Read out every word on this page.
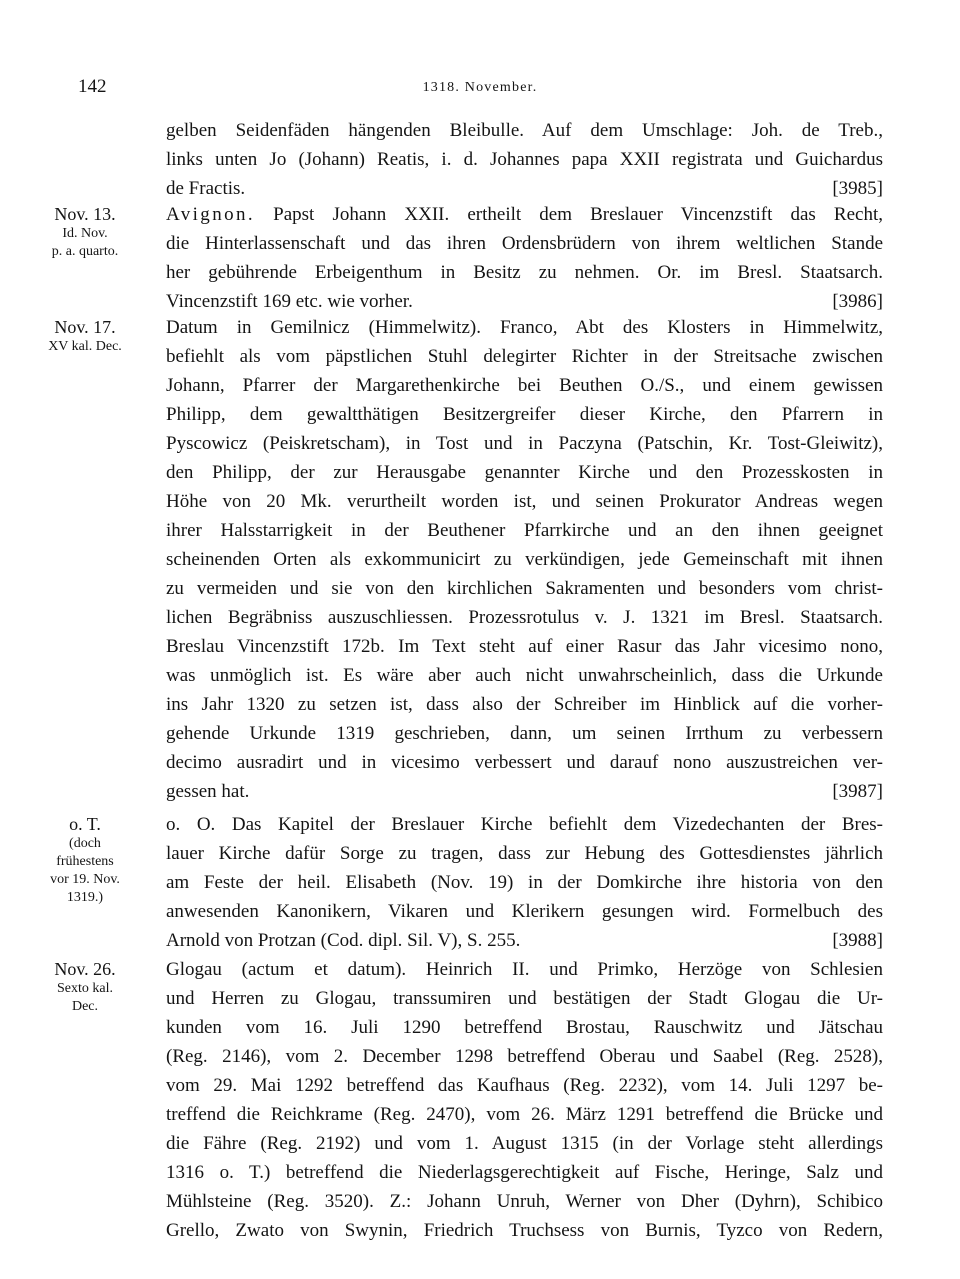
142	1318. November.
gelben Seidenfäden hängenden Bleibulle. Auf dem Umschlage: Joh. de Treb.,
links unten Jo (Johann) Reatis, i. d. Johannes papa XXII registrata und Guichardus
de Fractis.	[3985]
Nov. 13.
Id. Nov.
p. a. quarto.
Avignon. Papst Johann XXII. ertheilt dem Breslauer Vincenzstift das Recht,
die Hinterlassenschaft und das ihren Ordensbrüdern von ihrem weltlichen Stande
her gebührende Erbeigenthum in Besitz zu nehmen. Or. im Bresl. Staatsarch.
Vincenzstift 169 etc. wie vorher.	[3986]
Nov. 17.
XV kal. Dec.
Datum in Gemilnicz (Himmelwitz). Franco, Abt des Klosters in Himmelwitz,
befiehlt als vom päpstlichen Stuhl delegirter Richter in der Streitsache zwischen
Johann, Pfarrer der Margarethenkirche bei Beuthen O./S., und einem gewissen
Philipp, dem gewaltthätigen Besitzergreifer dieser Kirche, den Pfarrern in
Pyscowicz (Peiskretscham), in Tost und in Paczyna (Patschin, Kr. Tost-Gleiwitz),
den Philipp, der zur Herausgabe genannter Kirche und den Prozesskosten in
Höhe von 20 Mk. verurtheilt worden ist, und seinen Prokurator Andreas wegen
ihrer Halsstarrigkeit in der Beuthener Pfarrkirche und an den ihnen geeignet
scheinenden Orten als exkommunicirt zu verkündigen, jede Gemeinschaft mit ihnen
zu vermeiden und sie von den kirchlichen Sakramenten und besonders vom christ-
lichen Begräbniss auszuschliessen. Prozessrotulus v. J. 1321 im Bresl. Staatsarch.
Breslau Vincenzstift 172b. Im Text steht auf einer Rasur das Jahr vicesimo nono,
was unmöglich ist. Es wäre aber auch nicht unwahrscheinlich, dass die Urkunde
ins Jahr 1320 zu setzen ist, dass also der Schreiber im Hinblick auf die vorher-
gehende Urkunde 1319 geschrieben, dann, um seinen Irrthum zu verbessern
decimo ausradirt und in vicesimo verbessert und darauf nono auszustreichen ver-
gessen hat.	[3987]
o. T.
(doch
frühestens
vor 19. Nov.
1319.)
o. O. Das Kapitel der Breslauer Kirche befiehlt dem Vizedechanten der Bres-
lauer Kirche dafür Sorge zu tragen, dass zur Hebung des Gottesdienstes jährlich
am Feste der heil. Elisabeth (Nov. 19) in der Domkirche ihre historia von den
anwesenden Kanonikern, Vikaren und Klerikern gesungen wird. Formelbuch des
Arnold von Protzan (Cod. dipl. Sil. V), S. 255.	[3988]
Nov. 26.
Sexto kal.
Dec.
Glogau (actum et datum). Heinrich II. und Primko, Herzöge von Schlesien
und Herren zu Glogau, transsumiren und bestätigen der Stadt Glogau die Ur-
kunden vom 16. Juli 1290 betreffend Brostau, Rauschwitz und Jätschau
(Reg. 2146), vom 2. December 1298 betreffend Oberau und Saabel (Reg. 2528),
vom 29. Mai 1292 betreffend das Kaufhaus (Reg. 2232), vom 14. Juli 1297 be-
treffend die Reichkrame (Reg. 2470), vom 26. März 1291 betreffend die Brücke und
die Fähre (Reg. 2192) und vom 1. August 1315 (in der Vorlage steht allerdings
1316 o. T.) betreffend die Niederlagsgerechtigkeit auf Fische, Heringe, Salz und
Mühlsteine (Reg. 3520). Z.: Johann Unruh, Werner von Dher (Dyhrn), Schibico
Grello, Zwato von Swynin, Friedrich Truchsess von Burnis, Tyzco von Redern,
